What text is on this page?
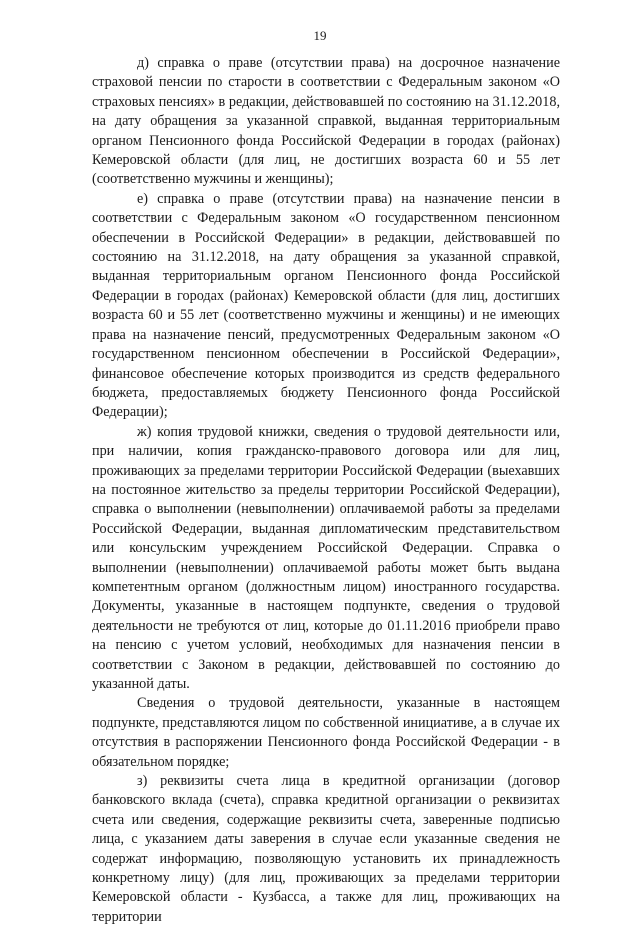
19

д) справка о праве (отсутствии права) на досрочное назначение страховой пенсии по старости в соответствии с Федеральным законом «О страховых пенсиях» в редакции, действовавшей по состоянию на 31.12.2018, на дату обращения за указанной справкой, выданная территориальным органом Пенсионного фонда Российской Федерации в городах (районах) Кемеровской области (для лиц, не достигших возраста 60 и 55 лет (соответственно мужчины и женщины);

е) справка о праве (отсутствии права) на назначение пенсии в соответствии с Федеральным законом «О государственном пенсионном обеспечении в Российской Федерации» в редакции, действовавшей по состоянию на 31.12.2018, на дату обращения за указанной справкой, выданная территориальным органом Пенсионного фонда Российской Федерации в городах (районах) Кемеровской области (для лиц, достигших возраста 60 и 55 лет (соответственно мужчины и женщины) и не имеющих права на назначение пенсий, предусмотренных Федеральным законом «О государственном пенсионном обеспечении в Российской Федерации», финансовое обеспечение которых производится из средств федерального бюджета, предоставляемых бюджету Пенсионного фонда Российской Федерации);

ж) копия трудовой книжки, сведения о трудовой деятельности или, при наличии, копия гражданско-правового договора или для лиц, проживающих за пределами территории Российской Федерации (выехавших на постоянное жительство за пределы территории Российской Федерации), справка о выполнении (невыполнении) оплачиваемой работы за пределами Российской Федерации, выданная дипломатическим представительством или консульским учреждением Российской Федерации. Справка о выполнении (невыполнении) оплачиваемой работы может быть выдана компетентным органом (должностным лицом) иностранного государства. Документы, указанные в настоящем подпункте, сведения о трудовой деятельности не требуются от лиц, которые до 01.11.2016 приобрели право на пенсию с учетом условий, необходимых для назначения пенсии в соответствии с Законом в редакции, действовавшей по состоянию до указанной даты.

Сведения о трудовой деятельности, указанные в настоящем подпункте, представляются лицом по собственной инициативе, а в случае их отсутствия в распоряжении Пенсионного фонда Российской Федерации - в обязательном порядке;

з) реквизиты счета лица в кредитной организации (договор банковского вклада (счета), справка кредитной организации о реквизитах счета или сведения, содержащие реквизиты счета, заверенные подписью лица, с указанием даты заверения в случае если указанные сведения не содержат информацию, позволяющую установить их принадлежность конкретному лицу) (для лиц, проживающих за пределами территории Кемеровской области - Кузбасса, а также для лиц, проживающих на территории
